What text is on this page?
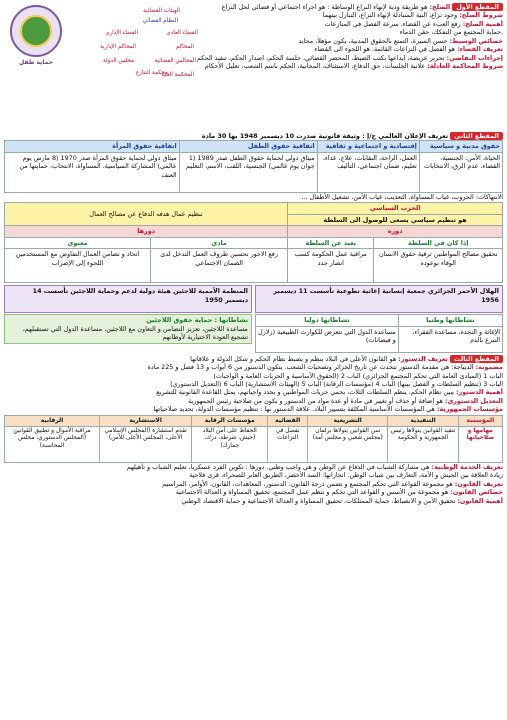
المقطع الأول الصلح: هو طريقة ودية لإنهاء النزاع الوساطة : هو اجراء اجتماعي أو قضائي لحل النزاع
شروط الصلح: وجود نزاع، النية المتبادلة لإنهاء النزاع، التنازل بينهما
أهمية الصلح: رفع العبء عن القضاء، سرعة الفصل في المنازعات
.حماية المجتمع من التفكك، حقن الدماء
خصائص الوسيط: حسن السيرة، التمتع بالحقوق المدنية، يكون مؤهلا، محايد
تعريف القضاء: هو الفصل في النزاعات القائمة. هو اللجوء الى القضاء
إجراءات التقاضي: تحرير عريضة، ايداعها بكتب الضبط، المحضر القضائي، جلسة الحكم، اصدار الحكم، تنفيذ الحكم
شروط المحاكمة العادلة: علانية الجلسات، حق الدفاع، الاستئناف، المجانية، الحكم باسم الشعب، تعليل الأحكام
حماية طفل
الهيئات القضائية
النظام القضائي
القضاء العادي
القضاء الإداري
المحاكم الإدارية
مجلس الدولة
محكمة التنازع
المحاكم
المجالس القضائية
المحكمة العليا
المقطع الثاني تعريف الإعلان العالمي ح/إ : وثيقة قانونية صدرت 10 ديسمبر 1948 بها 30 مادة
حقوق مدنية و سياسية	إقتصادية و اجتماعية و ثقافية	اتفاقية حقوق الطفل	اتفاقية حقوق المرأة
الحياة، الأمن، الجنسية، القضاء، عدم الرق، الانتخابات	العمل، الراحة، النقابات، علاج، غذاء، تعليم، ضمان اجتماعي، التأليف	ميثاق دولي لحماية حقوق الطفل صدر 1989 (1 جوان يوم عالمي) الجنسية، اللقب، الاسم، التعليم	ميثاق دولي لحماية حقوق المرأة صدر 1970 (8 مارس يوم عالمي) المشاركة السياسية، المساواة، الانتخاب، حمايتها من العنف
الانتهاكات: الحروب، غياب المساواة، التعذيب، غياب الأمن، تشغيل الأطفال ...
الحزب السياسي		تنظيم عمال هدفه الدفاع عن مصالح العمال	
هو تنظيم سياسي يسعى للوصول الى السلطة			
دوره		دورها	
إذا كان في السلطة	بعيد عن السلطة	مادي	معنوي
تحقيق مصالح المواطنين ترقية حقوق الانسان الوفاء بوعوده	مراقبة عمل الحكومة كسب انصار جدد	رفع الاجور تحسين ظروف العمل التدخل لدى الضمان الاجتماعي	اتحاد و تضامن العمال التفاوض مع المستخدمين اللجوء إلى الإضراب
الهلال الأحمر الجزائري جمعية إنسانية إغاثية تطوعية تأسست 11 ديسمبر 1956
نشاطاتها وطنيا	نشاطاتها دوليا
الإغاثة و النجدة، مساعدة الفقراء، التبرع بالدم	مساعدة الدول التي تتعرض للكوارث الطبيعية (زلازل و فيضانات)
المنظمة الأممية للاجئين هيئة دولية لدعم وحماية اللاجئين تأسست 14 ديسمبر 1950
نشاطاتها : حماية حقوق اللاجئين
مساعدة اللاجئين، تعزيز التضامن و التعاون مع اللاجئين، مساعدة الدول التي تستقبلهم، تشجيع العودة الاختيارية لأوطانهم
المقطع الثالث تعريف الدستور: هو القانون الأعلى في البلاد ينظم و يضبط نظام الحكم و شكل الدولة و علاقاتها
مضمونه: الديباجة: هي مقدمة الدستور تتحدث عن تاريخ الجزائر وتضحيات الشعب. يتكون الدستور من 6 أبواب و 13 فصل و 225 مادة
الباب 1 (المبادئ العامة التي تحكم المجتمع الجزائري) الباب 2 (الحقوق الأساسية و الحريات العامة و الواجبات)
الباب 3 (تنظيم السلطات و الفصل بينها) الباب 4 (مؤسسات الرقابة) الباب 5 (الهيئات الاستشارية) الباب 6 (التعديل الدستوري)
أهمية الدستور: يبين نظام الحكم، ينظم السلطات الثلاث، يحمي حريات المواطنين و يحدد واجباتهم، يمثل القاعدة القانونية للتشريع
التعديل الدستوري: هو إضافة أو حذف أو تغيير في مادة أو عدة مواد من الدستور و يكون من صلاحية رئيس الجمهورية
مؤسسات الجمهورية: هي المؤسسات الأساسية المكلفة بتسيير البلاد. علاقة الدستور بها : تنظيم مؤسسات الدولة، تحديد صلاحياتها
المؤسسة	التنفيذية	التشريعية	القضائية	مؤسسات الرقابة	الاستشارية	الرقابية
مهامها و صلاحياتها	تنفيذ القوانين يتولاها رئيس الجمهورية و الحكومة	سن القوانين يتولاها برلمان (مجلس شعبي و مجلس أمة)	تفصل في النزاعات	الحفاظ على أمن البلاد (جيش، شرطة، درك، جمارك)	تقدم استشارة (المجلس الإسلامي الأعلى، المجلس الأعلى للأمن)	مراقبة الأموال و تطبيق القوانين (المجلس الدستوري، مجلس المحاسبة)
تعريف الخدمة الوطنية: هي مشاركة الشباب في الدفاع عن الوطن و هي واجب وطني. دورها : تكوين الفرد عسكريا، تعليم الشباب و تأهيلهم
زيادة العلاقة بين الجيش و الأمة، التعارف بين شباب الوطن. انجازاتها: السد الأخضر، الطريق العابر للصحراء، قرى فلاحية
تعريف القانون: هو مجموعة القواعد التي تحكم المجتمع و تضمن درجة القانون: الدستور، المعاهدات، القانون، الأوامر، المراسيم
خصائص القانون: هو مجموعة من الأسس و القواعد التي تحكم و تنظم عمل المجتمع، تحقيق المساواة و العدالة الاجتماعية
أهمية القانون: تحقيق الأمن و الانضباط، حماية الممتلكات، تحقيق المساواة و العدالة الاجتماعية و حماية الاقتصاد الوطني
